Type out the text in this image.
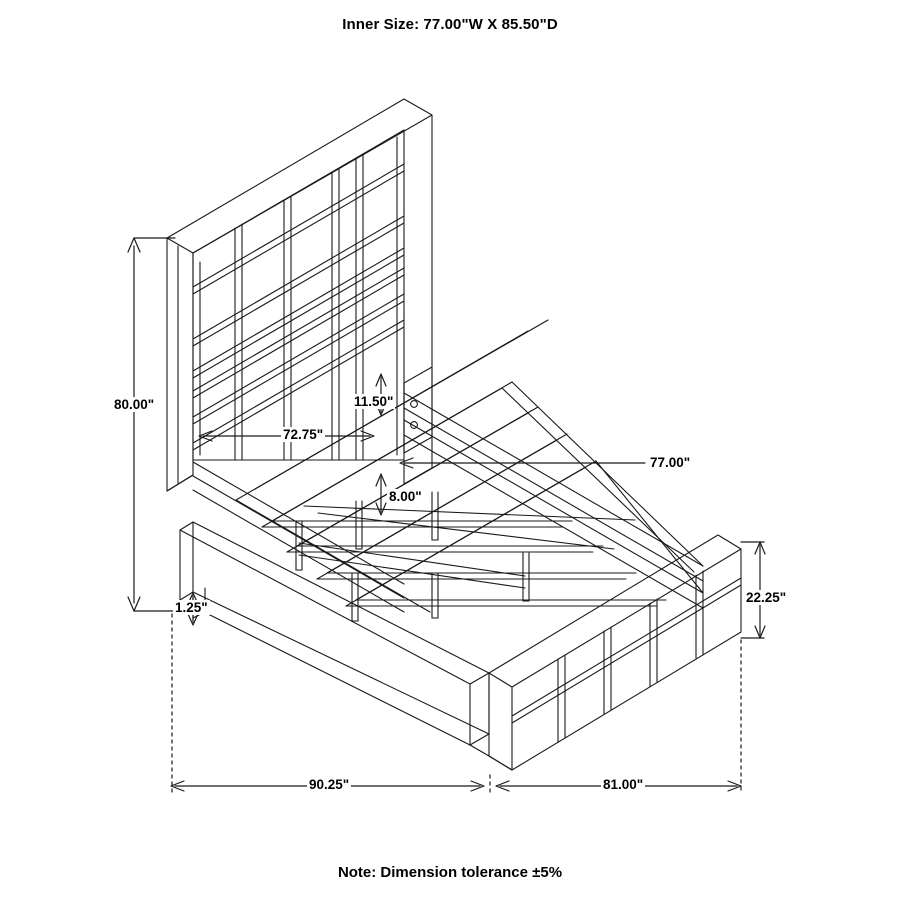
Inner Size: 77.00"W X 85.50"D
80.00"
72.75"
11.50"
77.00"
8.00"
22.25"
1.25"
90.25"	81.00"
Note: Dimension tolerance ±5%
